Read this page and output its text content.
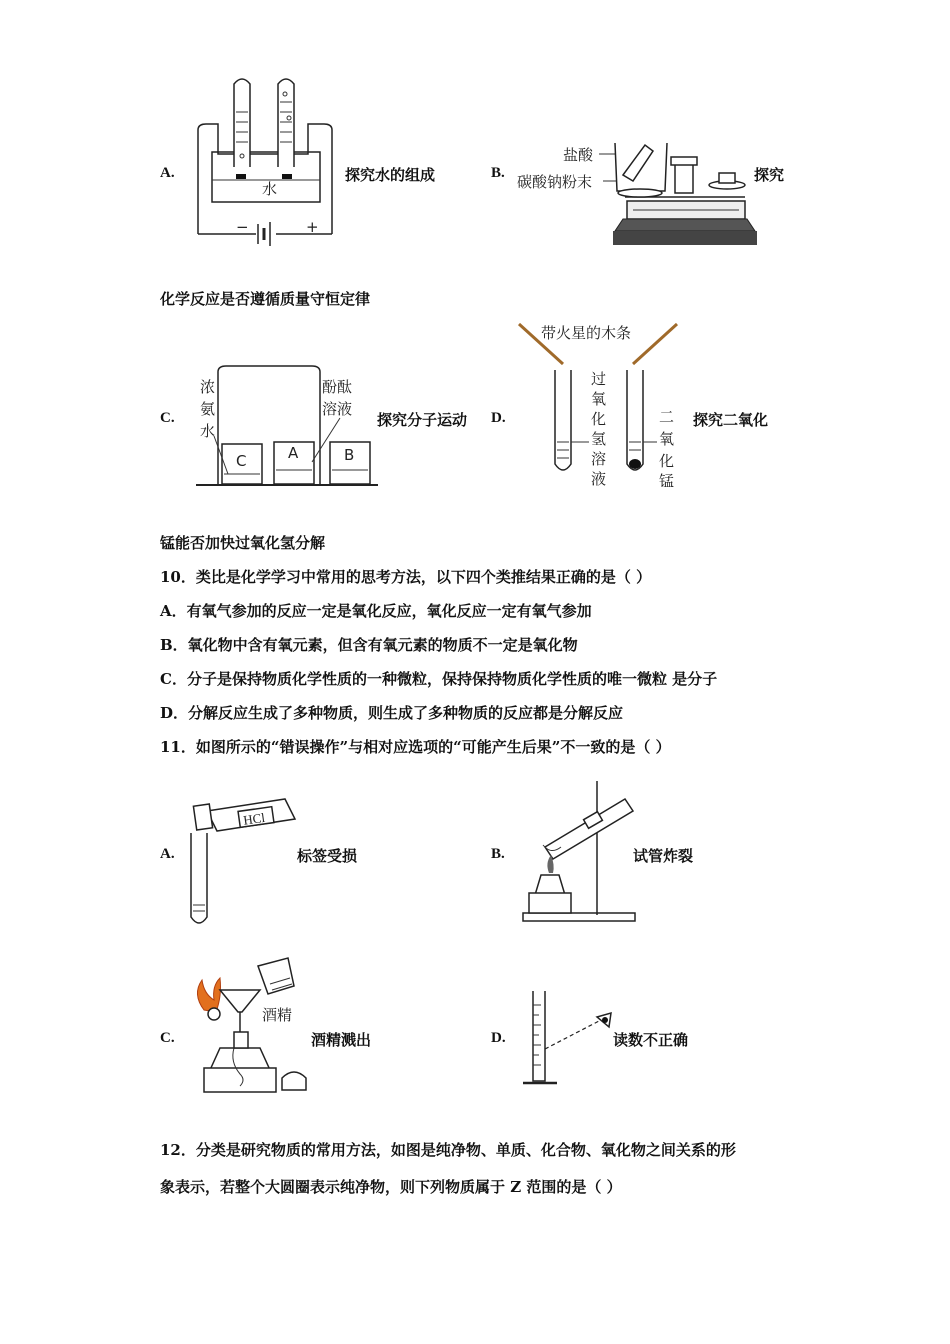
A.
水
−	+
探究水的组成	B.
盐酸
碳酸钠粉末	探究
化学反应是否遵循质量守恒定律
C.
浓
氨
水
酚酞
溶液
C	A	B
探究分子运动 D.
带火星的木条
过
氧
化
氢
溶
液
二
氧
化
锰
探究二氧化
锰能否加快过氧化氢分解
10．类比是化学学习中常用的思考方法，以下四个类推结果正确的是（ ）
A．有氧气参加的反应一定是氧化反应，氧化反应一定有氧气参加
B．氧化物中含有氧元素，但含有氧元素的物质不一定是氧化物
C．分子是保持物质化学性质的一种微粒，保持保持物质化学性质的唯一微粒 是分子
D．分解反应生成了多种物质，则生成了多种物质的反应都是分解反应
11．如图所示的“错误操作”与相对应选项的“可能产生后果”不一致的是（ ）
A.
HCl
标签受损	B.	试管炸裂
C.
酒精
酒精溅出	D.	读数不正确
12．分类是研究物质的常用方法，如图是纯净物、单质、化合物、氧化物之间关系的形
象表示，若整个大圆圈表示纯净物，则下列物质属于 Z 范围的是（ ）
